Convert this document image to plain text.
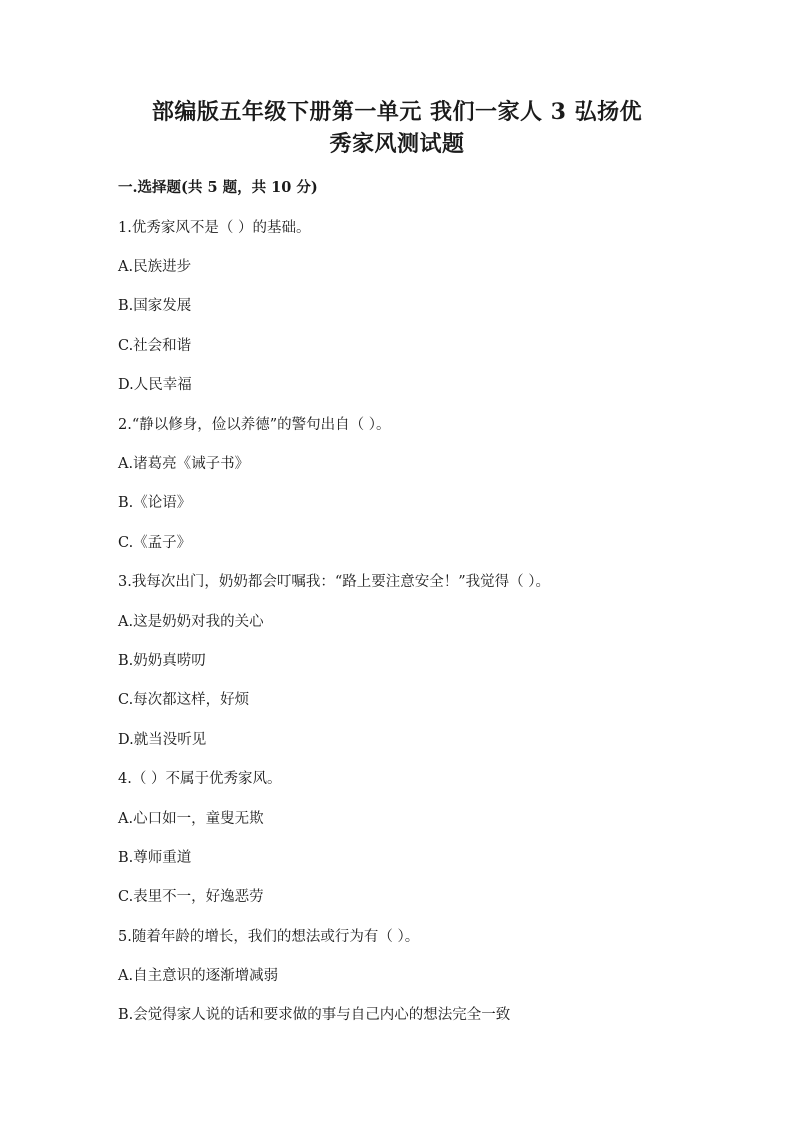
部编版五年级下册第一单元 我们一家人 3 弘扬优
秀家风测试题
一.选择题(共 5 题，共 10 分)
1.优秀家风不是（ ）的基础。
A.民族进步
B.国家发展
C.社会和谐
D.人民幸福
2.“静以修身，俭以养德”的警句出自（ ）。
A.诸葛亮《诫子书》
B.《论语》
C.《孟子》
3.我每次出门，奶奶都会叮嘱我：“路上要注意安全！”我觉得（ ）。
A.这是奶奶对我的关心
B.奶奶真唠叨
C.每次都这样，好烦
D.就当没听见
4.（ ）不属于优秀家风。
A.心口如一，童叟无欺
B.尊师重道
C.表里不一，好逸恶劳
5.随着年龄的增长，我们的想法或行为有（ ）。
A.自主意识的逐渐增减弱
B.会觉得家人说的话和要求做的事与自己内心的想法完全一致
